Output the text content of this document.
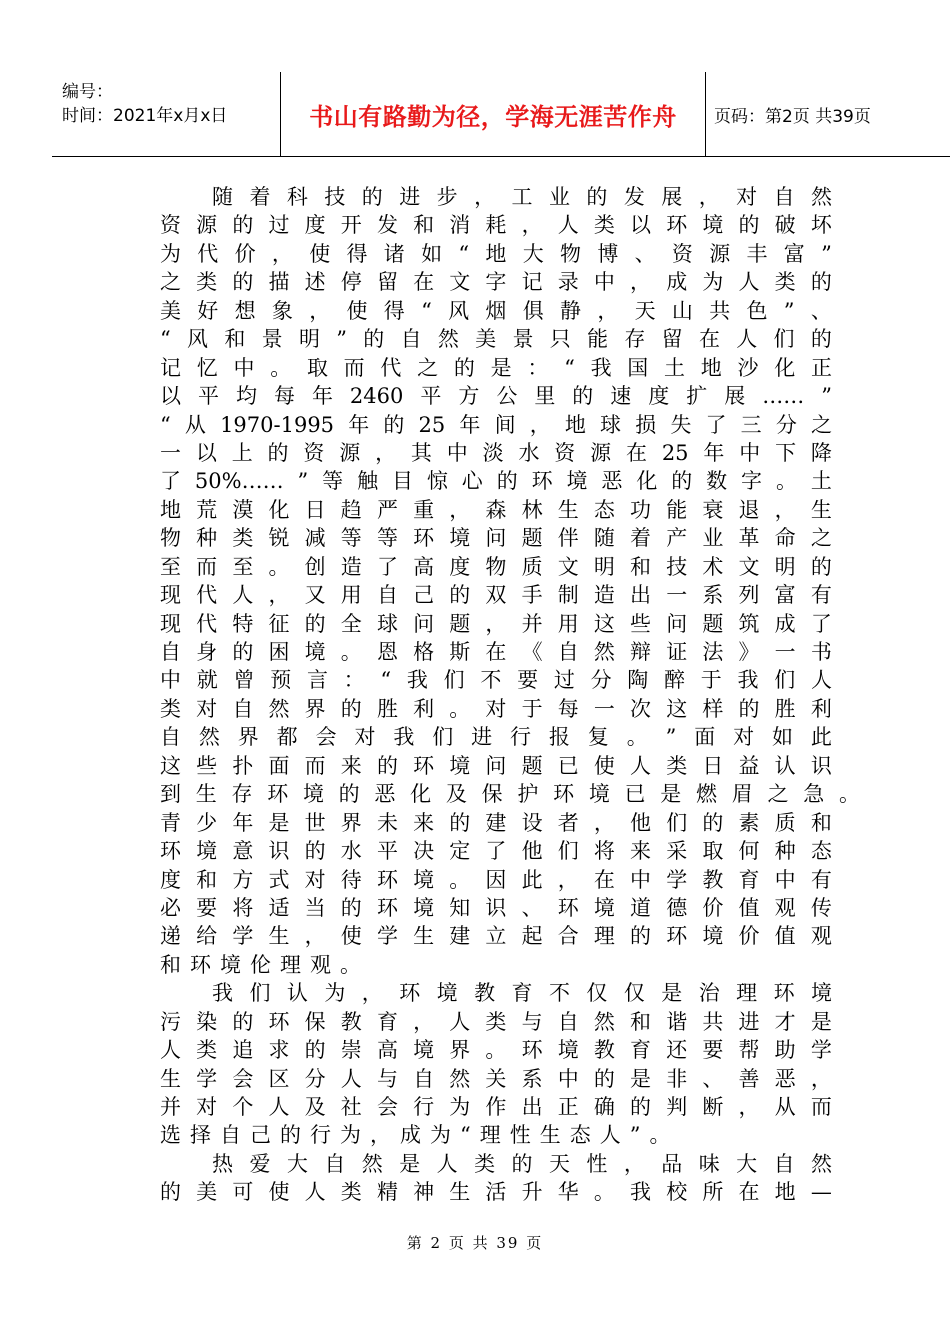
编号：
时间：2021年x月x日	书山有路勤为径，学海无涯苦作舟	页码：第2页 共39页
随 着 科 技 的 进 步 ， 工 业 的 发 展 ， 对 自 然
资 源 的 过 度 开 发 和 消 耗 ， 人 类 以 环 境 的 破 坏
为 代 价 ， 使 得 诸 如 “ 地 大 物 博 、 资 源 丰 富 ”
之 类 的 描 述 停 留 在 文 字 记 录 中 ， 成 为 人 类 的
美 好 想 象 ， 使 得 “ 风 烟 俱 静 ， 天 山 共 色 ” 、
“ 风 和 景 明 ” 的 自 然 美 景 只 能 存 留 在 人 们 的
记 忆 中 。 取 而 代 之 的 是 ： “ 我 国 土 地 沙 化 正
以 平 均 每 年 2460 平 方 公 里 的 速 度 扩 展 …… ”
“ 从 1970-1995 年 的 25 年 间 ， 地 球 损 失 了 三 分 之
一 以 上 的 资 源 ， 其 中 淡 水 资 源 在 25 年 中 下 降
了 50%…… ” 等 触 目 惊 心 的 环 境 恶 化 的 数 字 。 土
地 荒 漠 化 日 趋 严 重 ， 森 林 生 态 功 能 衰 退 ， 生
物 种 类 锐 减 等 等 环 境 问 题 伴 随 着 产 业 革 命 之
至 而 至 。 创 造 了 高 度 物 质 文 明 和 技 术 文 明 的
现 代 人 ， 又 用 自 己 的 双 手 制 造 出 一 系 列 富 有
现 代 特 征 的 全 球 问 题 ， 并 用 这 些 问 题 筑 成 了
自 身 的 困 境 。 恩 格 斯 在 《 自 然 辩 证 法 》 一 书
中 就 曾 预 言 ： “ 我 们 不 要 过 分 陶 醉 于 我 们 人
类 对 自 然 界 的 胜 利 。 对 于 每 一 次 这 样 的 胜 利
自 然 界 都 会 对 我 们 进 行 报 复 。 ” 面 对 如 此
这 些 扑 面 而 来 的 环 境 问 题 已 使 人 类 日 益 认 识
到 生 存 环 境 的 恶 化 及 保 护 环 境 已 是 燃 眉 之 急 。
青 少 年 是 世 界 未 来 的 建 设 者 ， 他 们 的 素 质 和
环 境 意 识 的 水 平 决 定 了 他 们 将 来 采 取 何 种 态
度 和 方 式 对 待 环 境 。 因 此 ， 在 中 学 教 育 中 有
必 要 将 适 当 的 环 境 知 识 、 环 境 道 德 价 值 观 传
递 给 学 生 ， 使 学 生 建 立 起 合 理 的 环 境 价 值 观
和环境伦理观。
我 们 认 为 ， 环 境 教 育 不 仅 仅 是 治 理 环 境
污 染 的 环 保 教 育 ， 人 类 与 自 然 和 谐 共 进 才 是
人 类 追 求 的 崇 高 境 界 。 环 境 教 育 还 要 帮 助 学
生 学 会 区 分 人 与 自 然 关 系 中 的 是 非 、 善 恶 ，
并 对 个 人 及 社 会 行 为 作 出 正 确 的 判 断 ， 从 而
选择自己的行为，成为“理性生态人”。
热 爱 大 自 然 是 人 类 的 天 性 ， 品 味 大 自 然
的 美 可 使 人 类 精 神 生 活 升 华 。 我 校 所 在 地 —
第 2 页 共 39 页
